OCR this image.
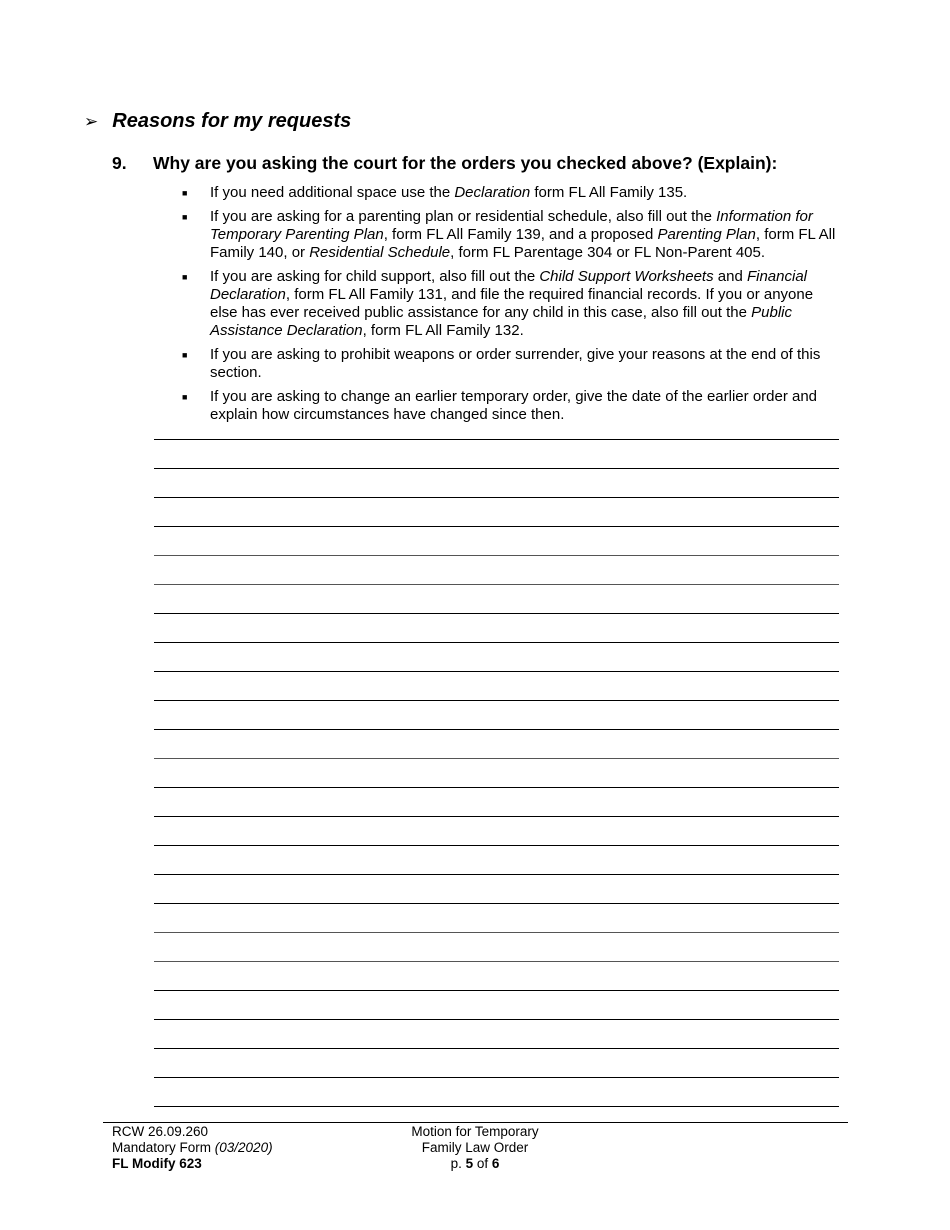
➢ Reasons for my requests
9.	Why are you asking the court for the orders you checked above? (Explain):
■	If you need additional space use the Declaration form FL All Family 135.
■	If you are asking for a parenting plan or residential schedule, also fill out the Information for Temporary Parenting Plan, form FL All Family 139, and a proposed Parenting Plan, form FL All Family 140, or Residential Schedule, form FL Parentage 304 or FL Non-Parent 405.
■	If you are asking for child support, also fill out the Child Support Worksheets and Financial Declaration, form FL All Family 131, and file the required financial records. If you or anyone else has ever received public assistance for any child in this case, also fill out the Public Assistance Declaration, form FL All Family 132.
■	If you are asking to prohibit weapons or order surrender, give your reasons at the end of this section.
■	If you are asking to change an earlier temporary order, give the date of the earlier order and explain how circumstances have changed since then.
RCW 26.09.260
Mandatory Form (03/2020)
FL Modify 623
Motion for Temporary
Family Law Order
p. 5 of 6
